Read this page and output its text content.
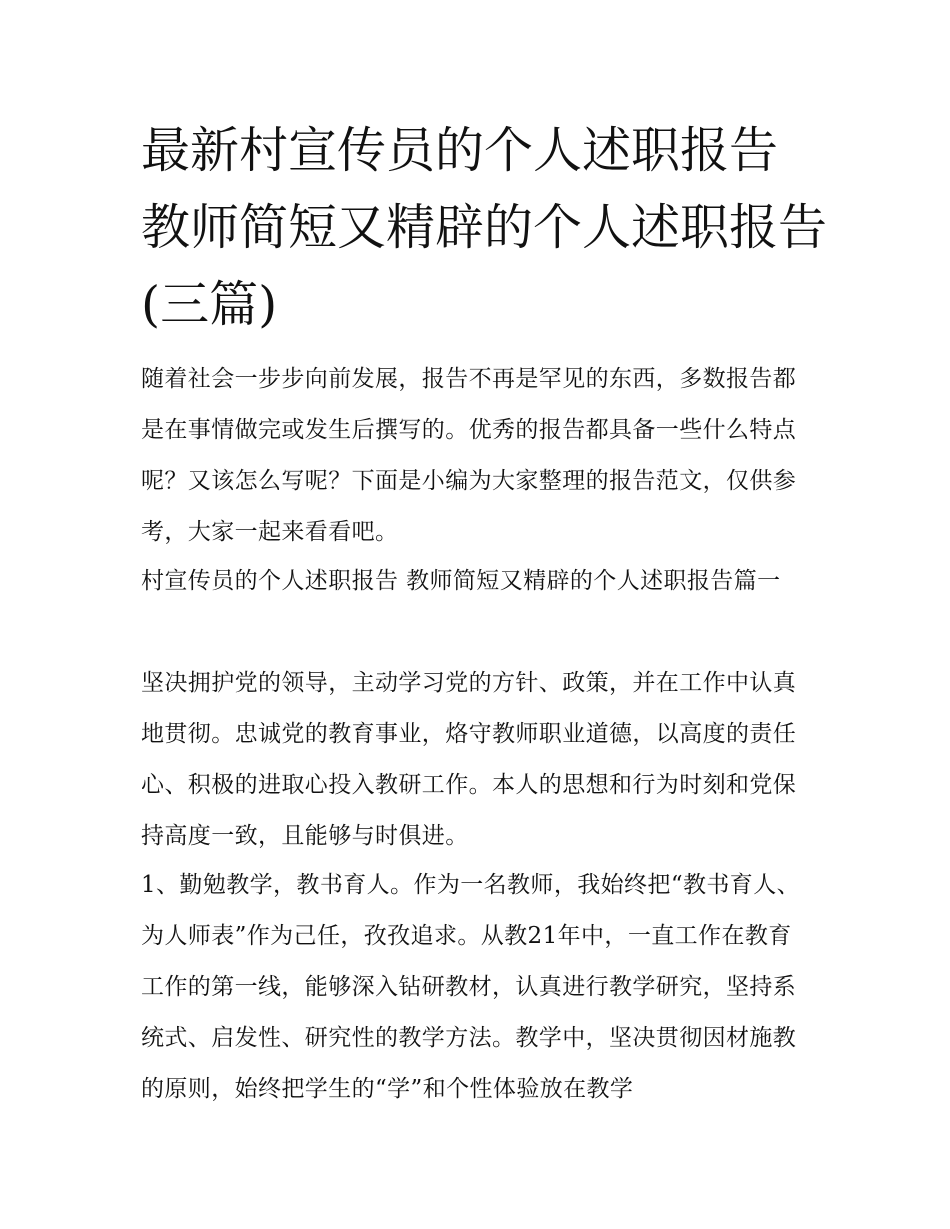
最新村宣传员的个人述职报告 教师简短又精辟的个人述职报告(三篇)

随着社会一步步向前发展，报告不再是罕见的东西，多数报告都是在事情做完或发生后撰写的。优秀的报告都具备一些什么特点呢？又该怎么写呢？下面是小编为大家整理的报告范文，仅供参考，大家一起来看看吧。

村宣传员的个人述职报告 教师简短又精辟的个人述职报告篇一

坚决拥护党的领导，主动学习党的方针、政策，并在工作中认真地贯彻。忠诚党的教育事业，烙守教师职业道德，以高度的责任心、积极的进取心投入教研工作。本人的思想和行为时刻和党保持高度一致，且能够与时俱进。

1、勤勉教学，教书育人。作为一名教师，我始终把“教书育人、为人师表”作为己任，孜孜追求。从教21年中，一直工作在教育工作的第一线，能够深入钻研教材，认真进行教学研究，坚持系统式、启发性、研究性的教学方法。教学中，坚决贯彻因材施教的原则，始终把学生的“学”和个性体验放在教学
